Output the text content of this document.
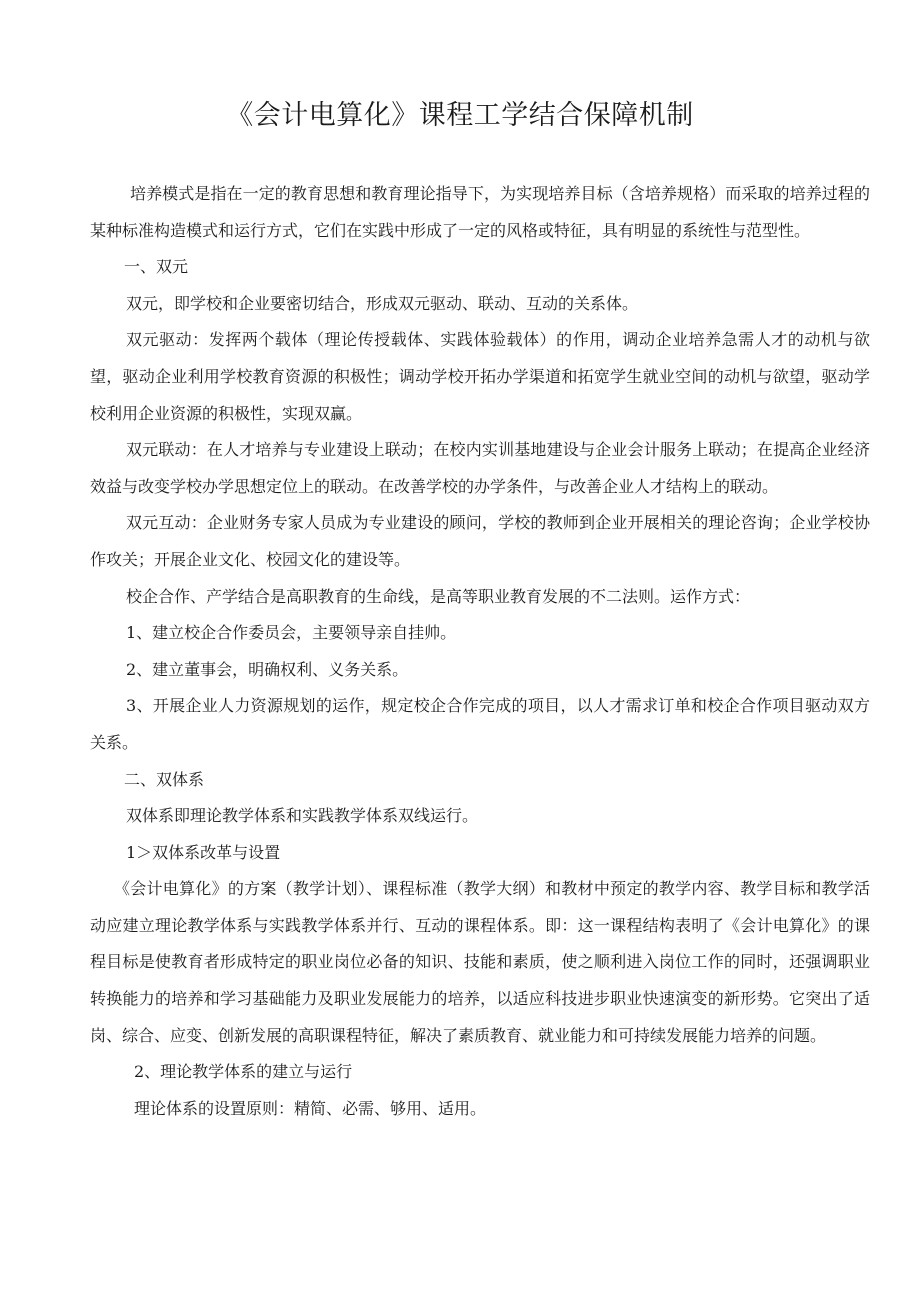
《会计电算化》课程工学结合保障机制

培养模式是指在一定的教育思想和教育理论指导下，为实现培养目标（含培养规格）而采取的培养过程的某种标准构造模式和运行方式，它们在实践中形成了一定的风格或特征，具有明显的系统性与范型性。

一、双元

双元，即学校和企业要密切结合，形成双元驱动、联动、互动的关系体。

双元驱动：发挥两个载体（理论传授载体、实践体验载体）的作用，调动企业培养急需人才的动机与欲望，驱动企业利用学校教育资源的积极性；调动学校开拓办学渠道和拓宽学生就业空间的动机与欲望，驱动学校利用企业资源的积极性，实现双赢。

双元联动：在人才培养与专业建设上联动；在校内实训基地建设与企业会计服务上联动；在提高企业经济效益与改变学校办学思想定位上的联动。在改善学校的办学条件，与改善企业人才结构上的联动。

双元互动：企业财务专家人员成为专业建设的顾问，学校的教师到企业开展相关的理论咨询；企业学校协作攻关；开展企业文化、校园文化的建设等。

校企合作、产学结合是高职教育的生命线，是高等职业教育发展的不二法则。运作方式：

1、建立校企合作委员会，主要领导亲自挂帅。

2、建立董事会，明确权利、义务关系。

3、开展企业人力资源规划的运作，规定校企合作完成的项目，以人才需求订单和校企合作项目驱动双方关系。

二、双体系

双体系即理论教学体系和实践教学体系双线运行。

1＞双体系改革与设置

《会计电算化》的方案（教学计划）、课程标准（教学大纲）和教材中预定的教学内容、教学目标和教学活动应建立理论教学体系与实践教学体系并行、互动的课程体系。即：这一课程结构表明了《会计电算化》的课程目标是使教育者形成特定的职业岗位必备的知识、技能和素质，使之顺利进入岗位工作的同时，还强调职业转换能力的培养和学习基础能力及职业发展能力的培养，以适应科技进步职业快速演变的新形势。它突出了适岗、综合、应变、创新发展的高职课程特征，解决了素质教育、就业能力和可持续发展能力培养的问题。

2、理论教学体系的建立与运行

理论体系的设置原则：精简、必需、够用、适用。
